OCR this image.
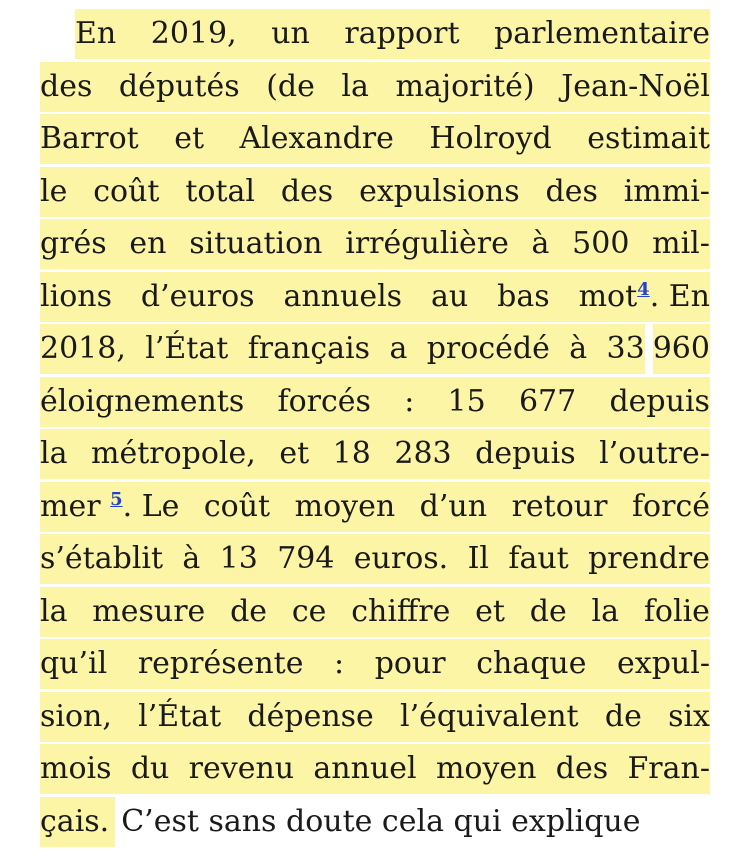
En 2019, un rapport parlementaire
des députés (de la majorité) Jean-Noël
Barrot et Alexandre Holroyd estimait
le coût total des expulsions des immi-
grés en situation irrégulière à 500 mil-
lions d’euros annuels au bas mot$^4$. En
2018, l’État français a procédé à 33 960
éloignements forcés : 15 677 depuis
la métropole, et 18 283 depuis l’outre-
mer $^5$. Le coût moyen d’un retour forcé
s’établit à 13 794 euros. Il faut prendre
la mesure de ce chiffre et de la folie
qu’il représente : pour chaque expul-
sion, l’État dépense l’équivalent de six
mois du revenu annuel moyen des Fran-
çais. C’est sans doute cela qui explique
